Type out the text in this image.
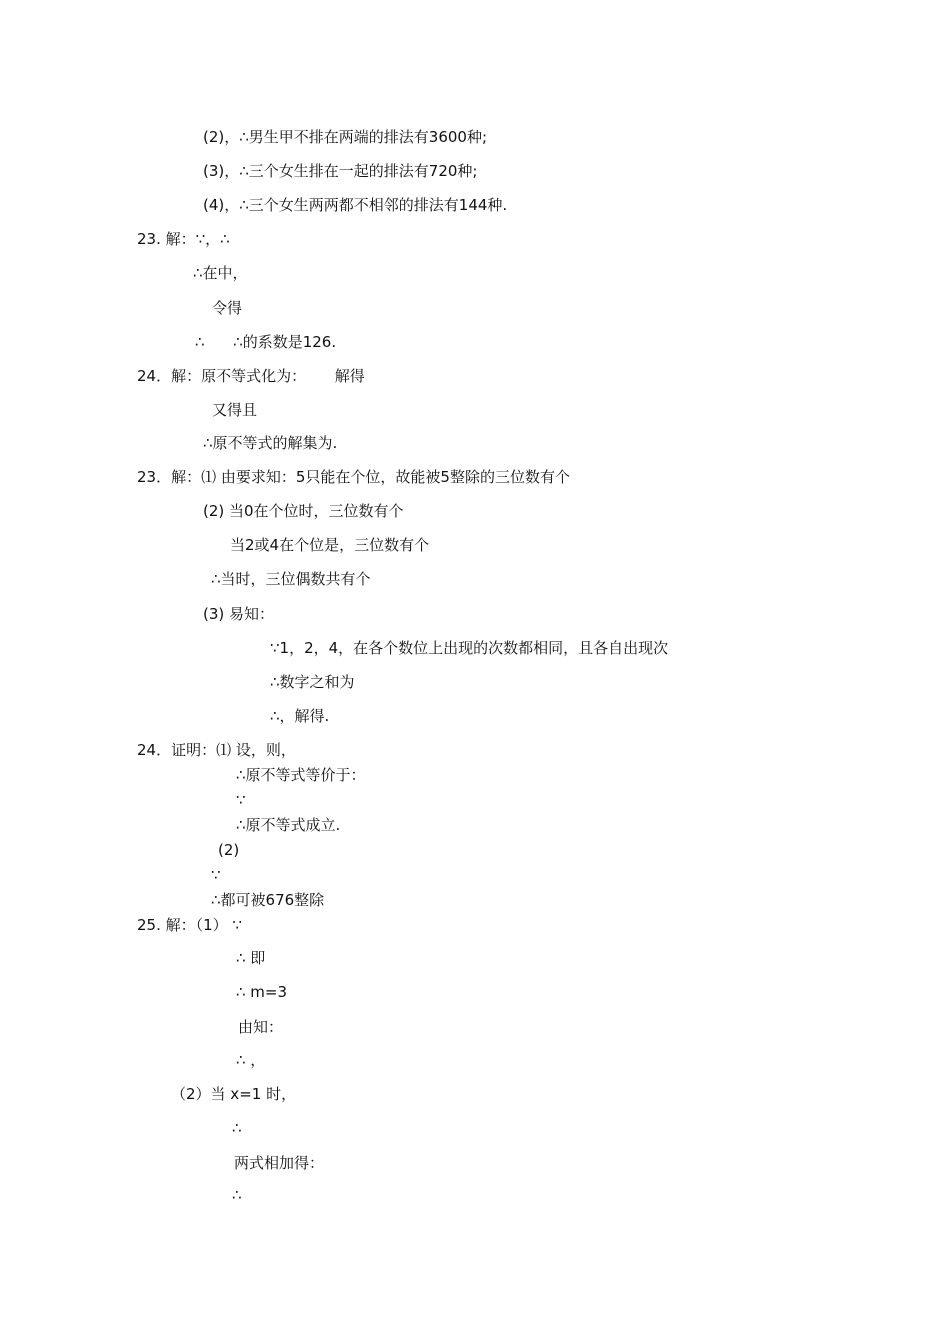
(2)，∴男生甲不排在两端的排法有3600种;
(3)，∴三个女生排在一起的排法有720种;
(4)，∴三个女生两两都不相邻的排法有144种.
23. 解：∵，∴
∴在中，
令得
∴      ∴的系数是126.
24．解：原不等式化为：      解得
又得且
∴原不等式的解集为.
23．解：⑴ 由要求知：5只能在个位，故能被5整除的三位数有个
(2) 当0在个位时，三位数有个
当2或4在个位是，三位数有个
∴当时，三位偶数共有个
(3) 易知：
∵1，2，4，在各个数位上出现的次数都相同，且各自出现次
∴数字之和为
∴，解得.
24．证明：⑴ 设，则，
∴原不等式等价于：
∵
∴原不等式成立.
(2)
∵
∴都可被676整除
25. 解：（1） ∵
∴ 即
∴ m=3
由知：
∴ ，
（2）当 x=1 时，
∴
两式相加得：
∴
